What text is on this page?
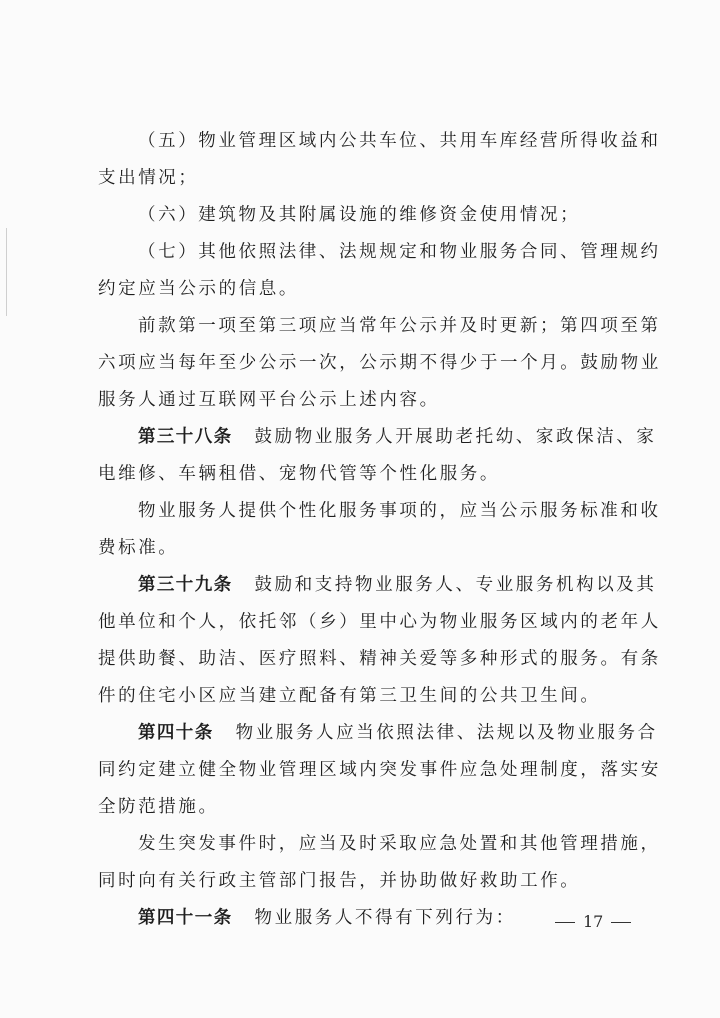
（五）物业管理区域内公共车位、共用车库经营所得收益和
支出情况；
（六）建筑物及其附属设施的维修资金使用情况；
（七）其他依照法律、法规规定和物业服务合同、管理规约
约定应当公示的信息。
前款第一项至第三项应当常年公示并及时更新；第四项至第
六项应当每年至少公示一次，公示期不得少于一个月。鼓励物业
服务人通过互联网平台公示上述内容。
第三十八条 鼓励物业服务人开展助老托幼、家政保洁、家
电维修、车辆租借、宠物代管等个性化服务。
物业服务人提供个性化服务事项的，应当公示服务标准和收
费标准。
第三十九条 鼓励和支持物业服务人、专业服务机构以及其
他单位和个人，依托邻（乡）里中心为物业服务区域内的老年人
提供助餐、助洁、医疗照料、精神关爱等多种形式的服务。有条
件的住宅小区应当建立配备有第三卫生间的公共卫生间。
第四十条 物业服务人应当依照法律、法规以及物业服务合
同约定建立健全物业管理区域内突发事件应急处理制度，落实安
全防范措施。
发生突发事件时，应当及时采取应急处置和其他管理措施，
同时向有关行政主管部门报告，并协助做好救助工作。
第四十一条 物业服务人不得有下列行为：	17
